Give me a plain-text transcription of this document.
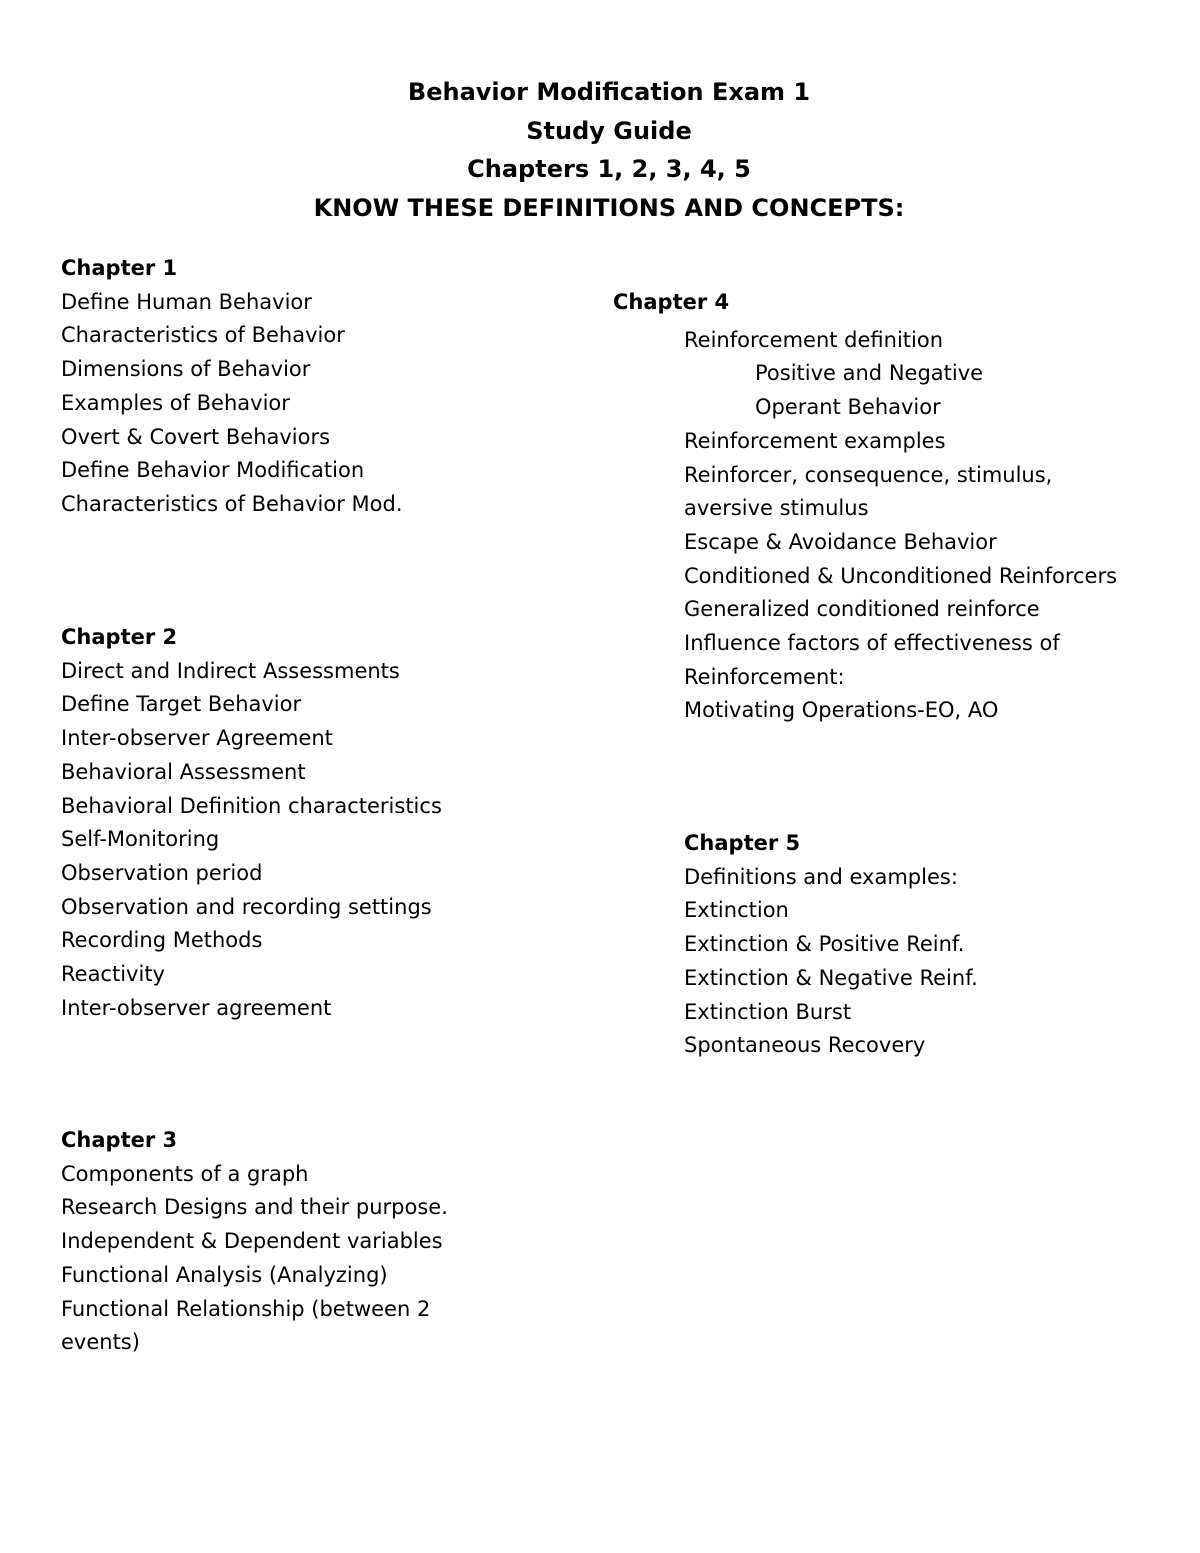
Behavior Modification Exam 1
Study Guide
Chapters 1, 2, 3, 4, 5
KNOW THESE DEFINITIONS AND CONCEPTS:
Chapter 1
Define Human Behavior
Characteristics of Behavior
Dimensions of Behavior
Examples of Behavior
Overt & Covert Behaviors
Define Behavior Modification
Characteristics of Behavior Mod.
Chapter 2
Direct and Indirect Assessments
Define Target Behavior
Inter-observer Agreement
Behavioral Assessment
Behavioral Definition characteristics
Self-Monitoring
Observation period
Observation and recording settings
Recording Methods
Reactivity
Inter-observer agreement
Chapter 3
Components of a graph
Research Designs and their purpose.
Independent & Dependent variables
Functional Analysis (Analyzing)
Functional Relationship (between 2
events)
Chapter 4
Reinforcement definition
Positive and Negative
Operant Behavior
Reinforcement examples
Reinforcer, consequence, stimulus,
aversive stimulus
Escape & Avoidance Behavior
Conditioned & Unconditioned Reinforcers
Generalized conditioned reinforce
Influence factors of effectiveness of
Reinforcement:
Motivating Operations-EO, AO
Chapter 5
Definitions and examples:
Extinction
Extinction & Positive Reinf.
Extinction & Negative Reinf.
Extinction Burst
Spontaneous Recovery
